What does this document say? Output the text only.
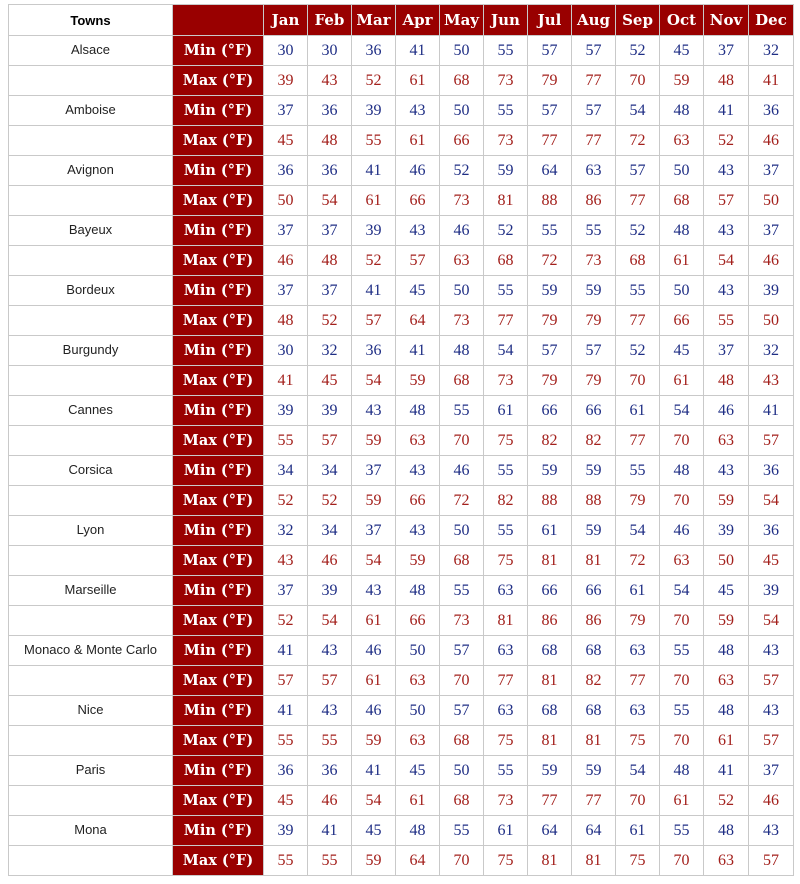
Towns		Jan	Feb	Mar	Apr	May	Jun	Jul	Aug	Sep	Oct	Nov	Dec
Alsace	Min (°F)	30	30	36	41	50	55	57	57	52	45	37	32
	Max (°F)	39	43	52	61	68	73	79	77	70	59	48	41
Amboise	Min (°F)	37	36	39	43	50	55	57	57	54	48	41	36
	Max (°F)	45	48	55	61	66	73	77	77	72	63	52	46
Avignon	Min (°F)	36	36	41	46	52	59	64	63	57	50	43	37
	Max (°F)	50	54	61	66	73	81	88	86	77	68	57	50
Bayeux	Min (°F)	37	37	39	43	46	52	55	55	52	48	43	37
	Max (°F)	46	48	52	57	63	68	72	73	68	61	54	46
Bordeux	Min (°F)	37	37	41	45	50	55	59	59	55	50	43	39
	Max (°F)	48	52	57	64	73	77	79	79	77	66	55	50
Burgundy	Min (°F)	30	32	36	41	48	54	57	57	52	45	37	32
	Max (°F)	41	45	54	59	68	73	79	79	70	61	48	43
Cannes	Min (°F)	39	39	43	48	55	61	66	66	61	54	46	41
	Max (°F)	55	57	59	63	70	75	82	82	77	70	63	57
Corsica	Min (°F)	34	34	37	43	46	55	59	59	55	48	43	36
	Max (°F)	52	52	59	66	72	82	88	88	79	70	59	54
Lyon	Min (°F)	32	34	37	43	50	55	61	59	54	46	39	36
	Max (°F)	43	46	54	59	68	75	81	81	72	63	50	45
Marseille	Min (°F)	37	39	43	48	55	63	66	66	61	54	45	39
	Max (°F)	52	54	61	66	73	81	86	86	79	70	59	54
Monaco & Monte Carlo	Min (°F)	41	43	46	50	57	63	68	68	63	55	48	43
	Max (°F)	57	57	61	63	70	77	81	82	77	70	63	57
Nice	Min (°F)	41	43	46	50	57	63	68	68	63	55	48	43
	Max (°F)	55	55	59	63	68	75	81	81	75	70	61	57
Paris	Min (°F)	36	36	41	45	50	55	59	59	54	48	41	37
	Max (°F)	45	46	54	61	68	73	77	77	70	61	52	46
Mona	Min (°F)	39	41	45	48	55	61	64	64	61	55	48	43
	Max (°F)	55	55	59	64	70	75	81	81	75	70	63	57
